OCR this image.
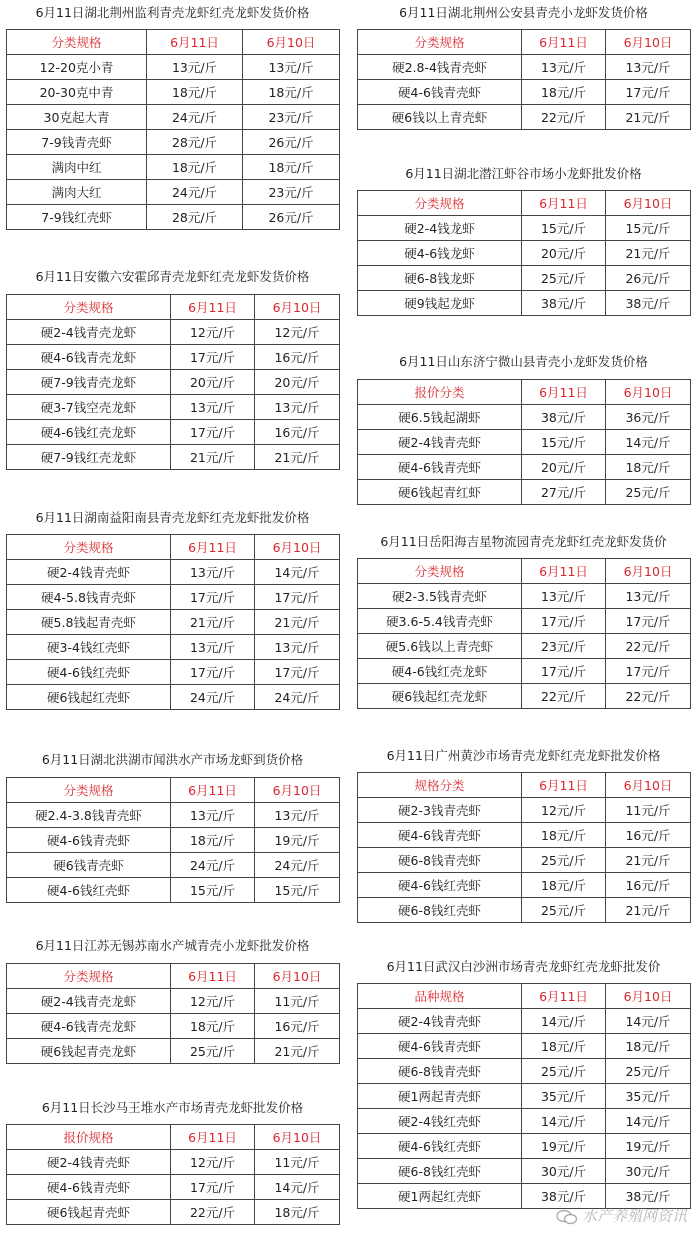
6月11日湖北荆州监利青壳龙虾红壳龙虾发货价格
分类规格	6月11日	6月10日
12-20克小青	13元/斤	13元/斤
20-30克中青	18元/斤	18元/斤
30克起大青	24元/斤	23元/斤
7-9钱青壳虾	28元/斤	26元/斤
满肉中红	18元/斤	18元/斤
满肉大红	24元/斤	23元/斤
7-9钱红壳虾	28元/斤	26元/斤
6月11日安徽六安霍邱青壳龙虾红壳龙虾发货价格
分类规格	6月11日	6月10日
硬2-4钱青壳龙虾	12元/斤	12元/斤
硬4-6钱青壳龙虾	17元/斤	16元/斤
硬7-9钱青壳龙虾	20元/斤	20元/斤
硬3-7钱空壳龙虾	13元/斤	13元/斤
硬4-6钱红壳龙虾	17元/斤	16元/斤
硬7-9钱红壳龙虾	21元/斤	21元/斤
6月11日湖南益阳南县青壳龙虾红壳龙虾批发价格
分类规格	6月11日	6月10日
硬2-4钱青壳虾	13元/斤	14元/斤
硬4-5.8钱青壳虾	17元/斤	17元/斤
硬5.8钱起青壳虾	21元/斤	21元/斤
硬3-4钱红壳虾	13元/斤	13元/斤
硬4-6钱红壳虾	17元/斤	17元/斤
硬6钱起红壳虾	24元/斤	24元/斤
6月11日湖北洪湖市闻洪水产市场龙虾到货价格
分类规格	6月11日	6月10日
硬2.4-3.8钱青壳虾	13元/斤	13元/斤
硬4-6钱青壳虾	18元/斤	19元/斤
硬6钱青壳虾	24元/斤	24元/斤
硬4-6钱红壳虾	15元/斤	15元/斤
6月11日江苏无锡苏南水产城青壳小龙虾批发价格
分类规格	6月11日	6月10日
硬2-4钱青壳龙虾	12元/斤	11元/斤
硬4-6钱青壳龙虾	18元/斤	16元/斤
硬6钱起青壳龙虾	25元/斤	21元/斤
6月11日长沙马王堆水产市场青壳龙虾批发价格
报价规格	6月11日	6月10日
硬2-4钱青壳虾	12元/斤	11元/斤
硬4-6钱青壳虾	17元/斤	14元/斤
硬6钱起青壳虾	22元/斤	18元/斤
6月11日湖北荆州公安县青壳小龙虾发货价格
分类规格	6月11日	6月10日
硬2.8-4钱青壳虾	13元/斤	13元/斤
硬4-6钱青壳虾	18元/斤	17元/斤
硬6钱以上青壳虾	22元/斤	21元/斤
6月11日湖北潜江虾谷市场小龙虾批发价格
分类规格	6月11日	6月10日
硬2-4钱龙虾	15元/斤	15元/斤
硬4-6钱龙虾	20元/斤	21元/斤
硬6-8钱龙虾	25元/斤	26元/斤
硬9钱起龙虾	38元/斤	38元/斤
6月11日山东济宁微山县青壳小龙虾发货价格
报价分类	6月11日	6月10日
硬6.5钱起湖虾	38元/斤	36元/斤
硬2-4钱青壳虾	15元/斤	14元/斤
硬4-6钱青壳虾	20元/斤	18元/斤
硬6钱起青红虾	27元/斤	25元/斤
6月11日岳阳海吉星物流园青壳龙虾红壳龙虾发货价
分类规格	6月11日	6月10日
硬2-3.5钱青壳虾	13元/斤	13元/斤
硬3.6-5.4钱青壳虾	17元/斤	17元/斤
硬5.6钱以上青壳虾	23元/斤	22元/斤
硬4-6钱红壳龙虾	17元/斤	17元/斤
硬6钱起红壳龙虾	22元/斤	22元/斤
6月11日广州黄沙市场青壳龙虾红壳龙虾批发价格
规格分类	6月11日	6月10日
硬2-3钱青壳虾	12元/斤	11元/斤
硬4-6钱青壳虾	18元/斤	16元/斤
硬6-8钱青壳虾	25元/斤	21元/斤
硬4-6钱红壳虾	18元/斤	16元/斤
硬6-8钱红壳虾	25元/斤	21元/斤
6月11日武汉白沙洲市场青壳龙虾红壳龙虾批发价
品种规格	6月11日	6月10日
硬2-4钱青壳虾	14元/斤	14元/斤
硬4-6钱青壳虾	18元/斤	18元/斤
硬6-8钱青壳虾	25元/斤	25元/斤
硬1两起青壳虾	35元/斤	35元/斤
硬2-4钱红壳虾	14元/斤	14元/斤
硬4-6钱红壳虾	19元/斤	19元/斤
硬6-8钱红壳虾	30元/斤	30元/斤
硬1两起红壳虾	38元/斤	38元/斤
水产养殖网资讯
